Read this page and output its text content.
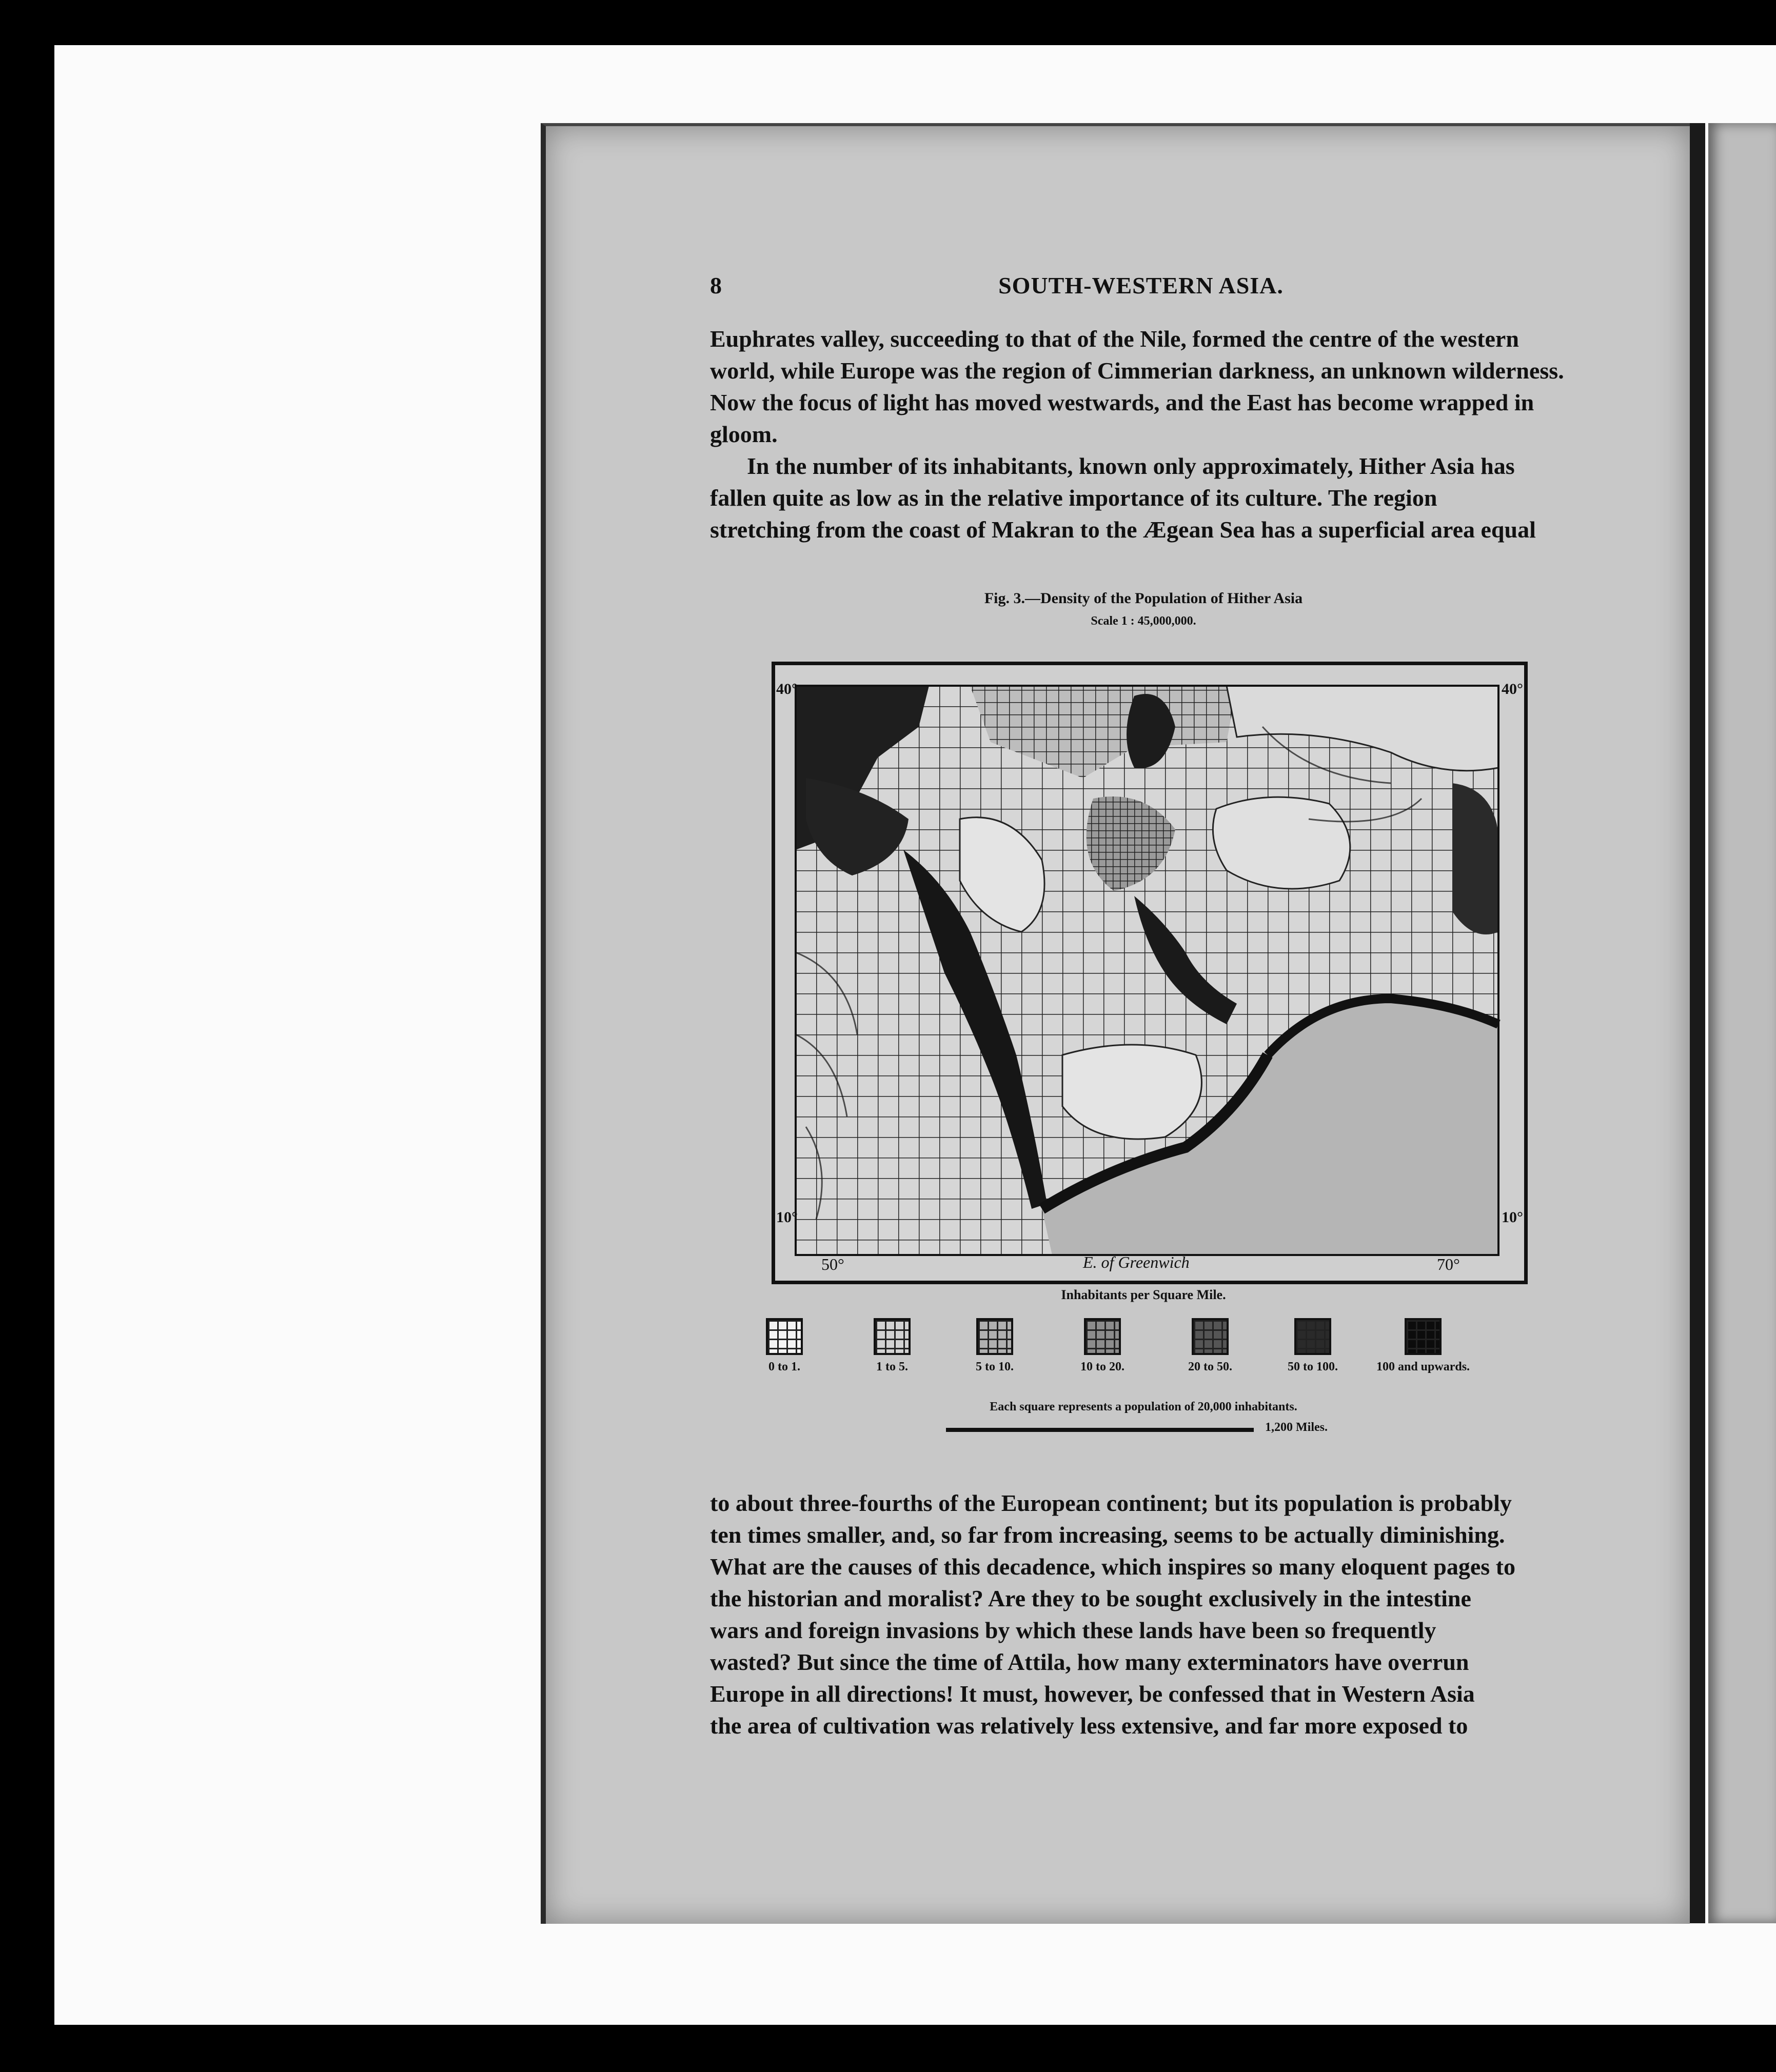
8	SOUTH-WESTERN ASIA.

Euphrates valley, succeeding to that of the Nile, formed the centre of the western

world, while Europe was the region of Cimmerian darkness, an unknown wilderness.

Now the focus of light has moved westwards, and the East has become wrapped in

gloom.

In the number of its inhabitants, known only approximately, Hither Asia has

fallen quite as low as in the relative importance of its culture. The region

stretching from the coast of Makran to the Ægean Sea has a superficial area equal

Fig. 3.—Density of the Population of Hither Asia
Scale 1 : 45,000,000.
40°	40°
10°	10°
50°	70°
E. of Greenwich
Inhabitants per Square Mile.
0 to 1.	1 to 5.	5 to 10.	10 to 20.	20 to 50.	50 to 100.	100 and upwards.
Each square represents a population of 20,000 inhabitants.
1,200 Miles.

to about three-fourths of the European continent; but its population is probably

ten times smaller, and, so far from increasing, seems to be actually diminishing.

What are the causes of this decadence, which inspires so many eloquent pages to

the historian and moralist? Are they to be sought exclusively in the intestine

wars and foreign invasions by which these lands have been so frequently

wasted? But since the time of Attila, how many exterminators have overrun

Europe in all directions! It must, however, be confessed that in Western Asia

the area of cultivation was relatively less extensive, and far more exposed to
